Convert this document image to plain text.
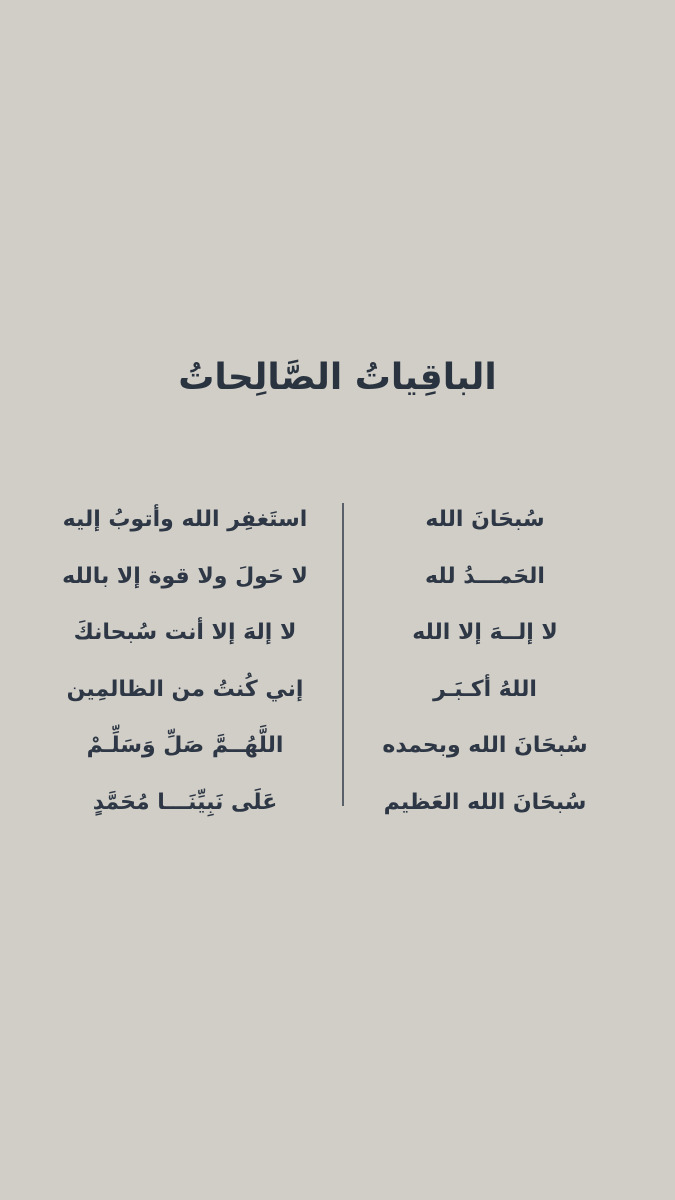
الباقِياتُ الصَّالِحاتُ
سُبحَانَ الله
الحَمـــدُ لله
لا إلــهَ إلا الله
اللهُ أكـبَـر
سُبحَانَ الله وبحمده
سُبحَانَ الله العَظيم
استَغفِر الله وأتوبُ إليه
لا حَولَ ولا قوة إلا بالله
لا إلهَ إلا أنت سُبحانكَ
إني كُنتُ من الظالمِين
اللَّهُــمَّ صَلِّ وَسَلِّـمْ
عَلَى نَبِيِّنَـــا مُحَمَّدٍ
